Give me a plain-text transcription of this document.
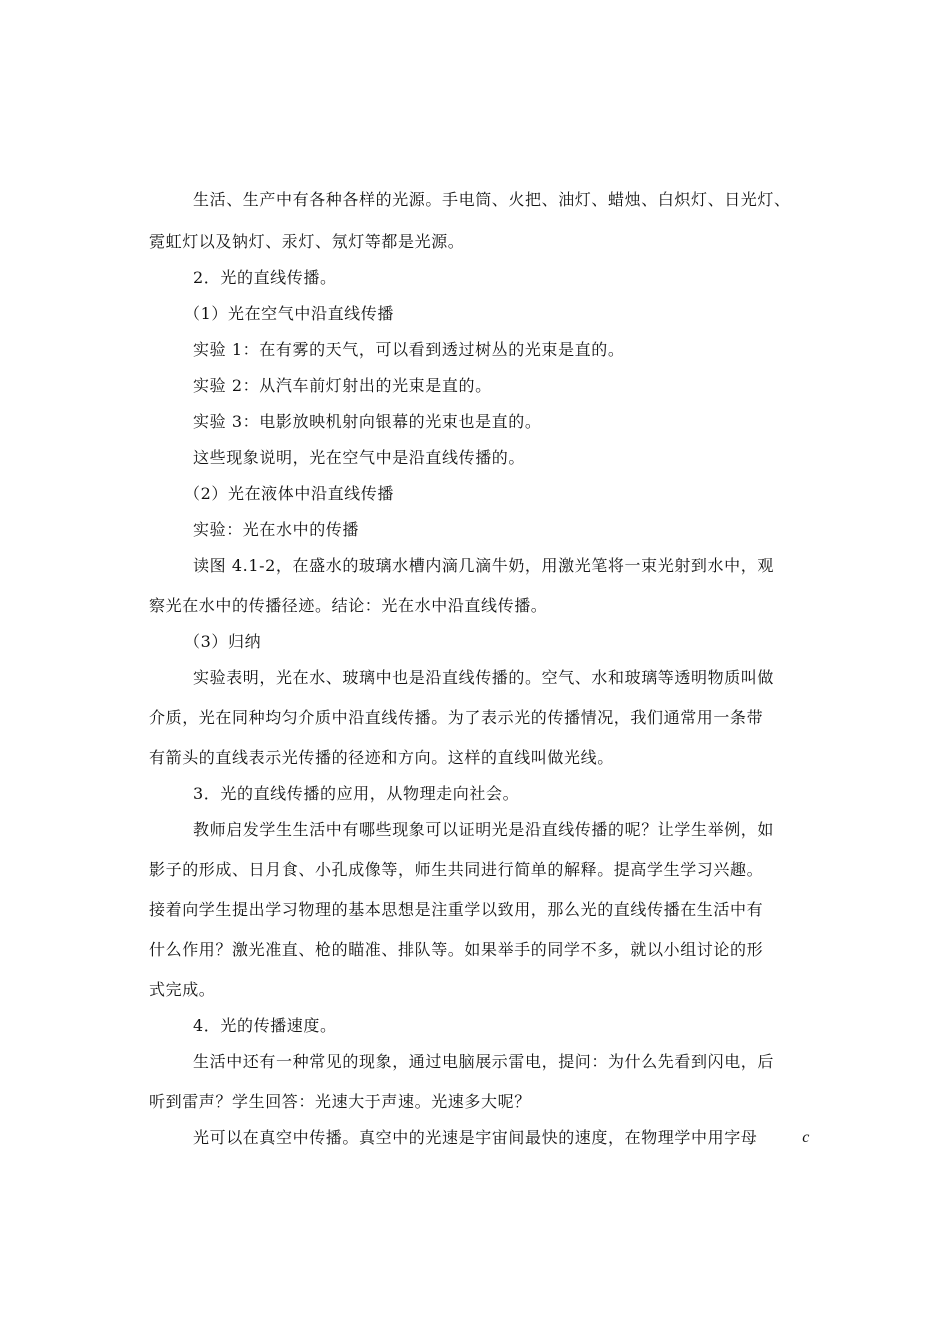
生活、生产中有各种各样的光源。手电筒、火把、油灯、蜡烛、白炽灯、日光灯、
霓虹灯以及钠灯、汞灯、氖灯等都是光源。
2．光的直线传播。
（1）光在空气中沿直线传播
实验 1：在有雾的天气，可以看到透过树丛的光束是直的。
实验 2：从汽车前灯射出的光束是直的。
实验 3：电影放映机射向银幕的光束也是直的。
这些现象说明，光在空气中是沿直线传播的。
（2）光在液体中沿直线传播
实验：光在水中的传播
读图 4.1-2，在盛水的玻璃水槽内滴几滴牛奶，用激光笔将一束光射到水中，观
察光在水中的传播径迹。结论：光在水中沿直线传播。
（3）归纳
实验表明，光在水、玻璃中也是沿直线传播的。空气、水和玻璃等透明物质叫做
介质，光在同种均匀介质中沿直线传播。为了表示光的传播情况，我们通常用一条带
有箭头的直线表示光传播的径迹和方向。这样的直线叫做光线。
3．光的直线传播的应用，从物理走向社会。
教师启发学生生活中有哪些现象可以证明光是沿直线传播的呢？让学生举例，如
影子的形成、日月食、小孔成像等，师生共同进行简单的解释。提高学生学习兴趣。
接着向学生提出学习物理的基本思想是注重学以致用，那么光的直线传播在生活中有
什么作用？激光准直、枪的瞄准、排队等。如果举手的同学不多，就以小组讨论的形
式完成。
4．光的传播速度。
生活中还有一种常见的现象，通过电脑展示雷电，提问：为什么先看到闪电，后
听到雷声？学生回答：光速大于声速。光速多大呢？
光可以在真空中传播。真空中的光速是宇宙间最快的速度，在物理学中用字母	c
